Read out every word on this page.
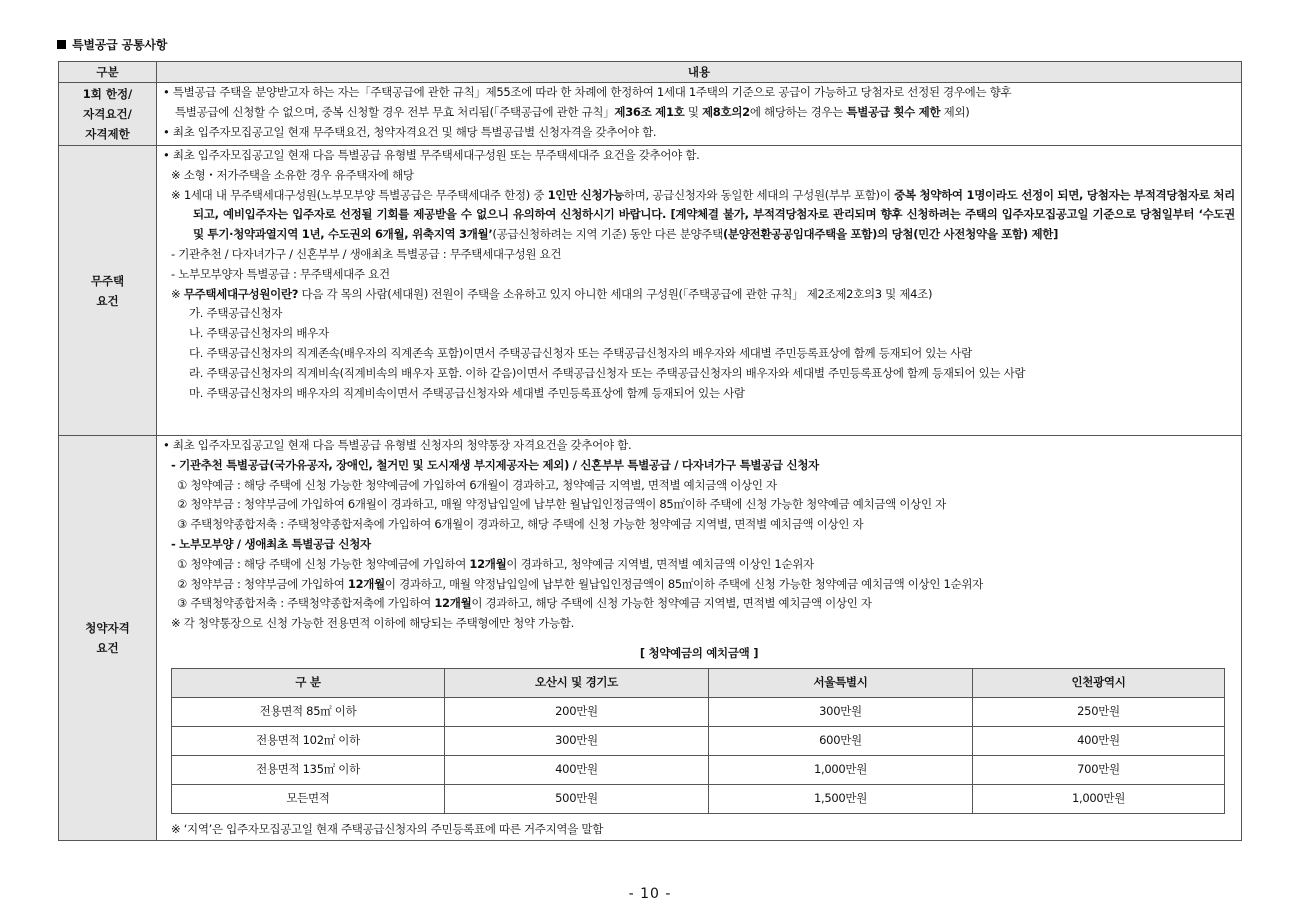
특별공급 공통사항
구분	내용

1회 한정/
자격요건/
자격제한

• 특별공급 주택을 분양받고자 하는 자는「주택공급에 관한 규칙」제55조에 따라 한 차례에 한정하여 1세대 1주택의 기준으로 공급이 가능하고 당첨자로 선정된 경우에는 향후
특별공급에 신청할 수 없으며, 중복 신청할 경우 전부 무효 처리됨(「주택공급에 관한 규칙」제36조 제1호 및 제8호의2에 해당하는 경우는 특별공급 횟수 제한 제외)
• 최초 입주자모집공고일 현재 무주택요건, 청약자격요건 및 해당 특별공급별 신청자격을 갖추어야 함.

무주택
요건

• 최초 입주자모집공고일 현재 다음 특별공급 유형별 무주택세대구성원 또는 무주택세대주 요건을 갖추어야 함.
※ 소형・저가주택을 소유한 경우 유주택자에 해당
※ 1세대 내 무주택세대구성원(노부모부양 특별공급은 무주택세대주 한정) 중 1인만 신청가능하며, 공급신청자와 동일한 세대의 구성원(부부 포함)이 중복 청약하여 1명이라도 선정이 되면, 당첨자는 부적격당첨자로 처리되고, 예비입주자는 입주자로 선정될 기회를 제공받을 수 없으니 유의하여 신청하시기 바랍니다. [계약체결 불가, 부적격당첨자로 관리되며 향후 신청하려는 주택의 입주자모집공고일 기준으로 당첨일부터 ‘수도권 및 투기·청약과열지역 1년, 수도권외 6개월, 위축지역 3개월’(공급신청하려는 지역 기준) 동안 다른 분양주택(분양전환공공임대주택을 포함)의 당첨(민간 사전청약을 포함) 제한]
- 기관추천 / 다자녀가구 / 신혼부부 / 생애최초 특별공급 : 무주택세대구성원 요건
- 노부모부양자 특별공급 : 무주택세대주 요건
※ 무주택세대구성원이란? 다음 각 목의 사람(세대원) 전원이 주택을 소유하고 있지 아니한 세대의 구성원(「주택공급에 관한 규칙」 제2조제2호의3 및 제4조)
가. 주택공급신청자
나. 주택공급신청자의 배우자
다. 주택공급신청자의 직계존속(배우자의 직계존속 포함)이면서 주택공급신청자 또는 주택공급신청자의 배우자와 세대별 주민등록표상에 함께 등재되어 있는 사람
라. 주택공급신청자의 직계비속(직계비속의 배우자 포함. 이하 같음)이면서 주택공급신청자 또는 주택공급신청자의 배우자와 세대별 주민등록표상에 함께 등재되어 있는 사람
마. 주택공급신청자의 배우자의 직계비속이면서 주택공급신청자와 세대별 주민등록표상에 함께 등재되어 있는 사람

청약자격
요건

• 최초 입주자모집공고일 현재 다음 특별공급 유형별 신청자의 청약통장 자격요건을 갖추어야 함.
- 기관추천 특별공급(국가유공자, 장애인, 철거민 및 도시재생 부지제공자는 제외) / 신혼부부 특별공급 / 다자녀가구 특별공급 신청자
① 청약예금 : 해당 주택에 신청 가능한 청약예금에 가입하여 6개월이 경과하고, 청약예금 지역별, 면적별 예치금액 이상인 자
② 청약부금 : 청약부금에 가입하여 6개월이 경과하고, 매월 약정납입일에 납부한 월납입인정금액이 85㎡이하 주택에 신청 가능한 청약예금 예치금액 이상인 자
③ 주택청약종합저축 : 주택청약종합저축에 가입하여 6개월이 경과하고, 해당 주택에 신청 가능한 청약예금 지역별, 면적별 예치금액 이상인 자
- 노부모부양 / 생애최초 특별공급 신청자
① 청약예금 : 해당 주택에 신청 가능한 청약예금에 가입하여 12개월이 경과하고, 청약예금 지역별, 면적별 예치금액 이상인 1순위자
② 청약부금 : 청약부금에 가입하여 12개월이 경과하고, 매월 약정납입일에 납부한 월납입인정금액이 85㎡이하 주택에 신청 가능한 청약예금 예치금액 이상인 1순위자
③ 주택청약종합저축 : 주택청약종합저축에 가입하여 12개월이 경과하고, 해당 주택에 신청 가능한 청약예금 지역별, 면적별 예치금액 이상인 자
※ 각 청약통장으로 신청 가능한 전용면적 이하에 해당되는 주택형에만 청약 가능함.
[ 청약예금의 예치금액 ]
구 분	오산시 및 경기도	서울특별시	인천광역시
전용면적 85㎡ 이하	200만원	300만원	250만원
전용면적 102㎡ 이하	300만원	600만원	400만원
전용면적 135㎡ 이하	400만원	1,000만원	700만원
모든면적	500만원	1,500만원	1,000만원
※ ‘지역’은 입주자모집공고일 현재 주택공급신청자의 주민등록표에 따른 거주지역을 말함
- 10 -
